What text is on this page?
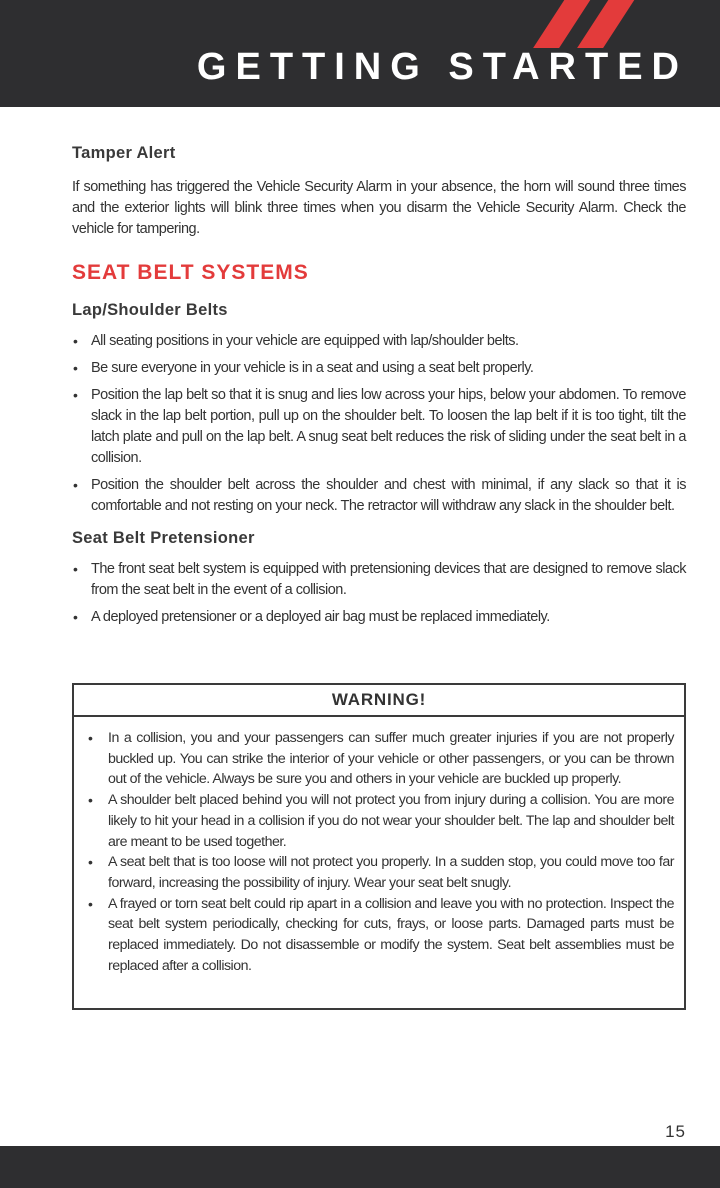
GETTING STARTED
Tamper Alert

If something has triggered the Vehicle Security Alarm in your absence, the horn will sound three times and the exterior lights will blink three times when you disarm the Vehicle Security Alarm. Check the vehicle for tampering.

SEAT BELT SYSTEMS
Lap/Shoulder Belts
• All seating positions in your vehicle are equipped with lap/shoulder belts.
• Be sure everyone in your vehicle is in a seat and using a seat belt properly.
• Position the lap belt so that it is snug and lies low across your hips, below your abdomen. To remove slack in the lap belt portion, pull up on the shoulder belt. To loosen the lap belt if it is too tight, tilt the latch plate and pull on the lap belt. A snug seat belt reduces the risk of sliding under the seat belt in a collision.
• Position the shoulder belt across the shoulder and chest with minimal, if any slack so that it is comfortable and not resting on your neck. The retractor will withdraw any slack in the shoulder belt.
Seat Belt Pretensioner
• The front seat belt system is equipped with pretensioning devices that are designed to remove slack from the seat belt in the event of a collision.
• A deployed pretensioner or a deployed air bag must be replaced immediately.
WARNING!
• In a collision, you and your passengers can suffer much greater injuries if you are not properly buckled up. You can strike the interior of your vehicle or other passengers, or you can be thrown out of the vehicle. Always be sure you and others in your vehicle are buckled up properly.
• A shoulder belt placed behind you will not protect you from injury during a collision. You are more likely to hit your head in a collision if you do not wear your shoulder belt. The lap and shoulder belt are meant to be used together.
• A seat belt that is too loose will not protect you properly. In a sudden stop, you could move too far forward, increasing the possibility of injury. Wear your seat belt snugly.
• A frayed or torn seat belt could rip apart in a collision and leave you with no protection. Inspect the seat belt system periodically, checking for cuts, frays, or loose parts. Damaged parts must be replaced immediately. Do not disassemble or modify the system. Seat belt assemblies must be replaced after a collision.
15
